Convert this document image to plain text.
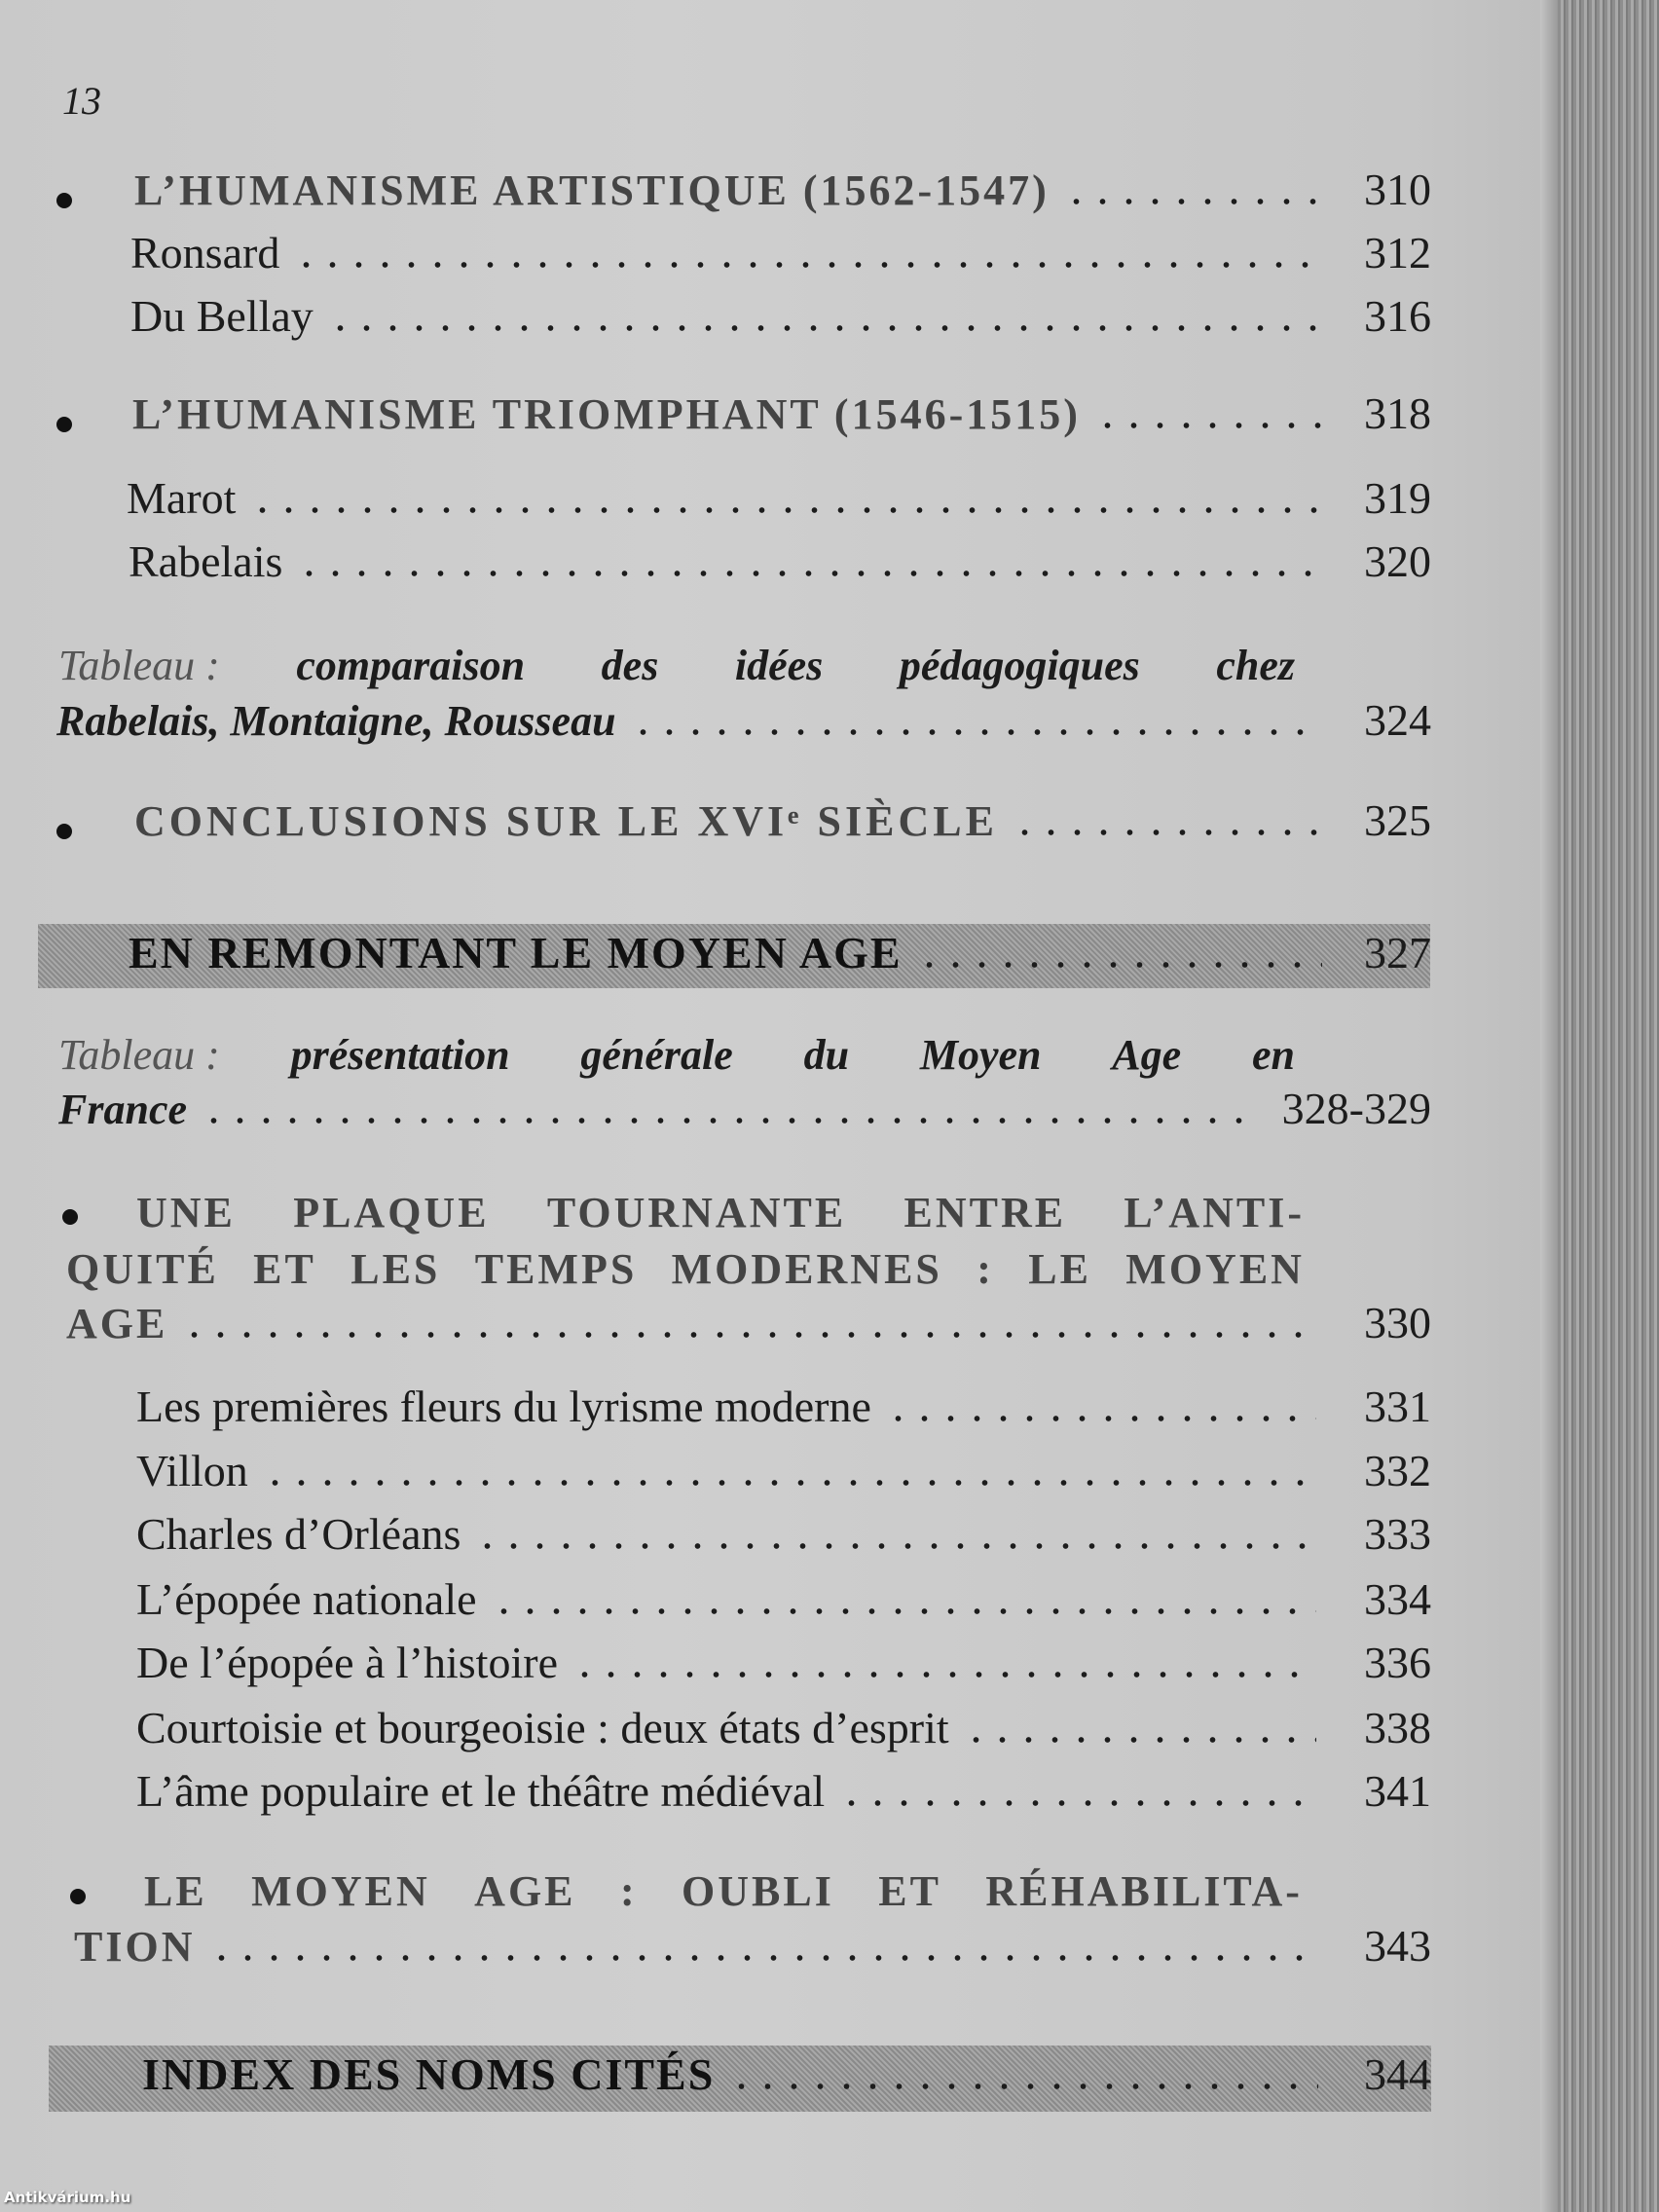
13
L’HUMANISME ARTISTIQUE (1562-1547)	310
Ronsard	312
Du Bellay	316
L’HUMANISME TRIOMPHANT (1546-1515)	318
Marot	319
Rabelais	320
Tableau : comparaison des idées pédagogiques chez
Rabelais, Montaigne, Rousseau	324
CONCLUSIONS SUR LE XVIᵉ SIÈCLE	325
EN REMONTANT LE MOYEN AGE	327
Tableau : présentation générale du Moyen Age en
France	328-329
UNE PLAQUE TOURNANTE ENTRE L’ANTI-
QUITÉ ET LES TEMPS MODERNES : LE MOYEN
AGE	330
Les premières fleurs du lyrisme moderne	331
Villon	332
Charles d’Orléans	333
L’épopée nationale	334
De l’épopée à l’histoire	336
Courtoisie et bourgeoisie : deux états d’esprit	338
L’âme populaire et le théâtre médiéval	341
LE MOYEN AGE : OUBLI ET RÉHABILITA-
TION	343
INDEX DES NOMS CITÉS	344
Antikvárium.hu
